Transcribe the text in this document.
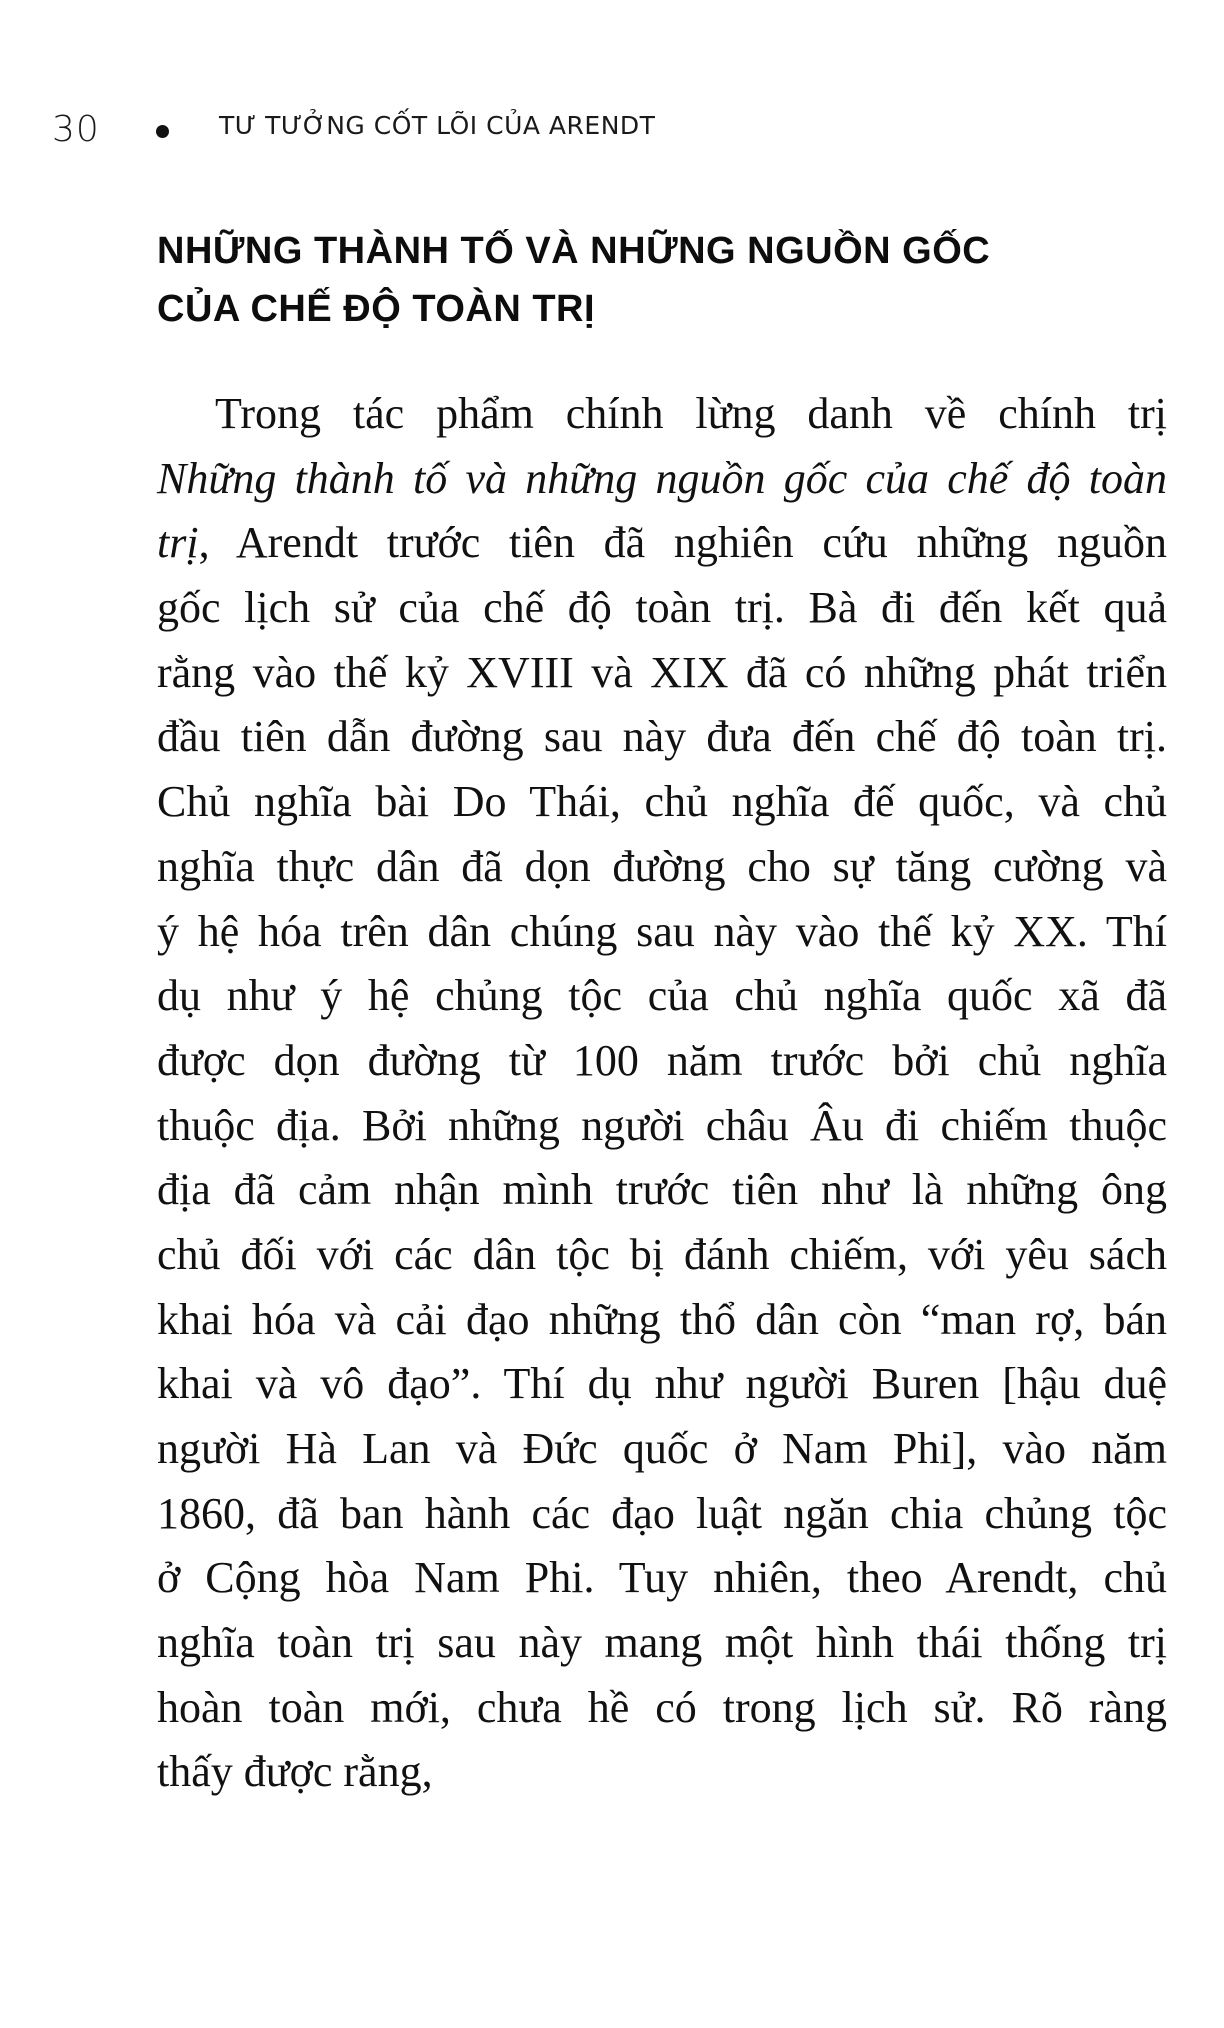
30	TƯ TƯỞNG CỐT LÕI CỦA ARENDT
NHỮNG THÀNH TỐ VÀ NHỮNG NGUỒN GỐC
CỦA CHẾ ĐỘ TOÀN TRỊ
Trong tác phẩm chính lừng danh về chính trị
Những thành tố và những nguồn gốc của chế độ toàn
trị, Arendt trước tiên đã nghiên cứu những nguồn
gốc lịch sử của chế độ toàn trị. Bà đi đến kết quả
rằng vào thế kỷ XVIII và XIX đã có những phát triển
đầu tiên dẫn đường sau này đưa đến chế độ toàn trị.
Chủ nghĩa bài Do Thái, chủ nghĩa đế quốc, và chủ
nghĩa thực dân đã dọn đường cho sự tăng cường và
ý hệ hóa trên dân chúng sau này vào thế kỷ XX. Thí
dụ như ý hệ chủng tộc của chủ nghĩa quốc xã đã
được dọn đường từ 100 năm trước bởi chủ nghĩa
thuộc địa. Bởi những người châu Âu đi chiếm thuộc
địa đã cảm nhận mình trước tiên như là những ông
chủ đối với các dân tộc bị đánh chiếm, với yêu sách
khai hóa và cải đạo những thổ dân còn “man rợ, bán
khai và vô đạo”. Thí dụ như người Buren [hậu duệ
người Hà Lan và Đức quốc ở Nam Phi], vào năm
1860, đã ban hành các đạo luật ngăn chia chủng tộc
ở Cộng hòa Nam Phi. Tuy nhiên, theo Arendt, chủ
nghĩa toàn trị sau này mang một hình thái thống trị
hoàn toàn mới, chưa hề có trong lịch sử. Rõ ràng
thấy được rằng,
